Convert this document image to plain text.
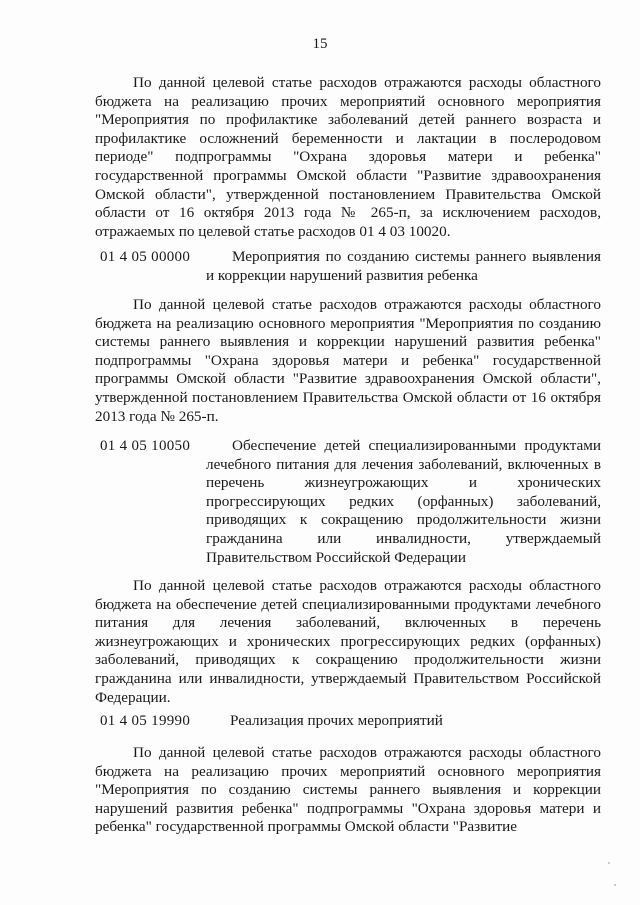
15

По данной целевой статье расходов отражаются расходы областного бюджета на реализацию прочих мероприятий основного мероприятия "Мероприятия по профилактике заболеваний детей раннего возраста и профилактике осложнений беременности и лактации в послеродовом периоде" подпрограммы "Охрана здоровья матери и ребенка" государственной программы Омской области "Развитие здравоохранения Омской области", утвержденной постановлением Правительства Омской области от 16 октября 2013 года № 265-п, за исключением расходов, отражаемых по целевой статье расходов 01 4 03 10020.

01 4 05 00000	Мероприятия по созданию системы раннего выявления и коррекции нарушений развития ребенка

По данной целевой статье расходов отражаются расходы областного бюджета на реализацию основного мероприятия "Мероприятия по созданию системы раннего выявления и коррекции нарушений развития ребенка" подпрограммы "Охрана здоровья матери и ребенка" государственной программы Омской области "Развитие здравоохранения Омской области", утвержденной постановлением Правительства Омской области от 16 октября 2013 года № 265-п.

01 4 05 10050	Обеспечение детей специализированными продуктами лечебного питания для лечения заболеваний, включенных в перечень жизнеугрожающих и хронических прогрессирующих редких (орфанных) заболеваний, приводящих к сокращению продолжительности жизни гражданина или инвалидности, утверждаемый Правительством Российской Федерации

По данной целевой статье расходов отражаются расходы областного бюджета на обеспечение детей специализированными продуктами лечебного питания для лечения заболеваний, включенных в перечень жизнеугрожающих и хронических прогрессирующих редких (орфанных) заболеваний, приводящих к сокращению продолжительности жизни гражданина или инвалидности, утверждаемый Правительством Российской Федерации.

01 4 05 19990	Реализация прочих мероприятий

По данной целевой статье расходов отражаются расходы областного бюджета на реализацию прочих мероприятий основного мероприятия "Мероприятия по созданию системы раннего выявления и коррекции нарушений развития ребенка" подпрограммы "Охрана здоровья матери и ребенка" государственной программы Омской области "Развитие
